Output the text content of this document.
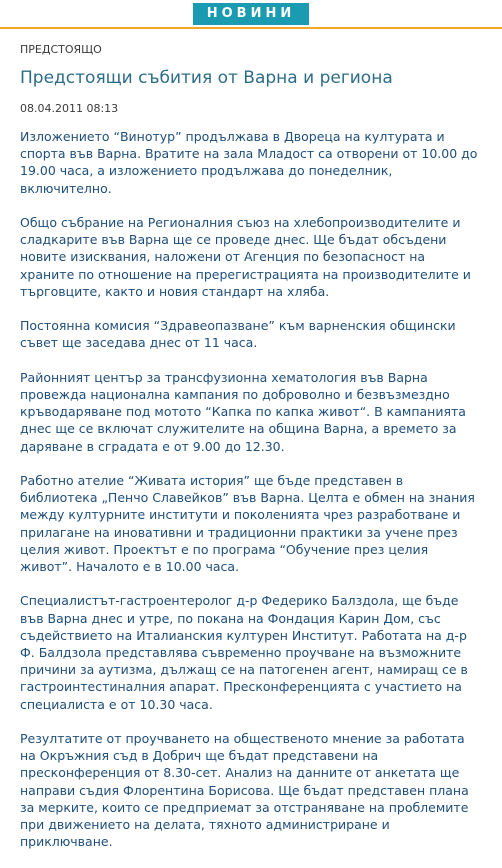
НОВИНИ
ПРЕДСТОЯЩО
Предстоящи събития от Варна и региона
08.04.2011 08:13

Изложението “Винотур” продължава в Двореца на културата и спорта във Варна. Вратите на зала Младост са отворени от 10.00 до 19.00 часа, а изложението продължава до понеделник, включително.

Общо събрание на Регионалния съюз на хлебопроизводителите и сладкарите във Варна ще се проведе днес. Ще бъдат обсъдени новите изисквания, наложени от Агенция по безопасност на храните по отношение на пререгистрацията на производителите и търговците, както и новия стандарт на хляба.

Постоянна комисия “Здравеопазване” към варненския общински съвет ще заседава днес от 11 часа.

Районният център за трансфузионна хематология във Варна провежда национална кампания по доброволно и безвъзмездно кръводаряване под мотото “Капка по капка живот“. В кампанията днес ще се включат служителите на община Варна, а времето за даряване в сградата е от 9.00 до 12.30.

Работно ателие “Живата история” ще бъде представен в библиотека „Пенчо Славейков” във Варна. Целта е обмен на знания между културните институти и поколенията чрез разработване и прилагане на иновативни и традиционни практики за учене през целия живот. Проектът е по програма “Обучение през целия живот”. Началото е в 10.00 часа.

Специалистът-гастроентеролог д-р Федерико Балздола, ще бъде във Варна днес и утре, по покана на Фондация Карин Дом, със съдействието на Италианския културен Институт. Работата на д-р Ф. Балдзола представлява съвременно проучване на възможните причини за аутизма, дължащ се на патогенен агент, намиращ се в гастроинтестиналния апарат. Пресконференцията с участието на специалиста е от 10.30 часа.

Резултатите от проучването на общественото мнение за работата на Окръжния съд в Добрич ще бъдат представени на пресконференция от 8.30-сет. Анализ на данните от анкетата ще направи съдия Флорентина Борисова. Ще бъдат представен плана за мерките, които се предприемат за отстраняване на проблемите при движението на делата, тяхното администриране и приключване.
